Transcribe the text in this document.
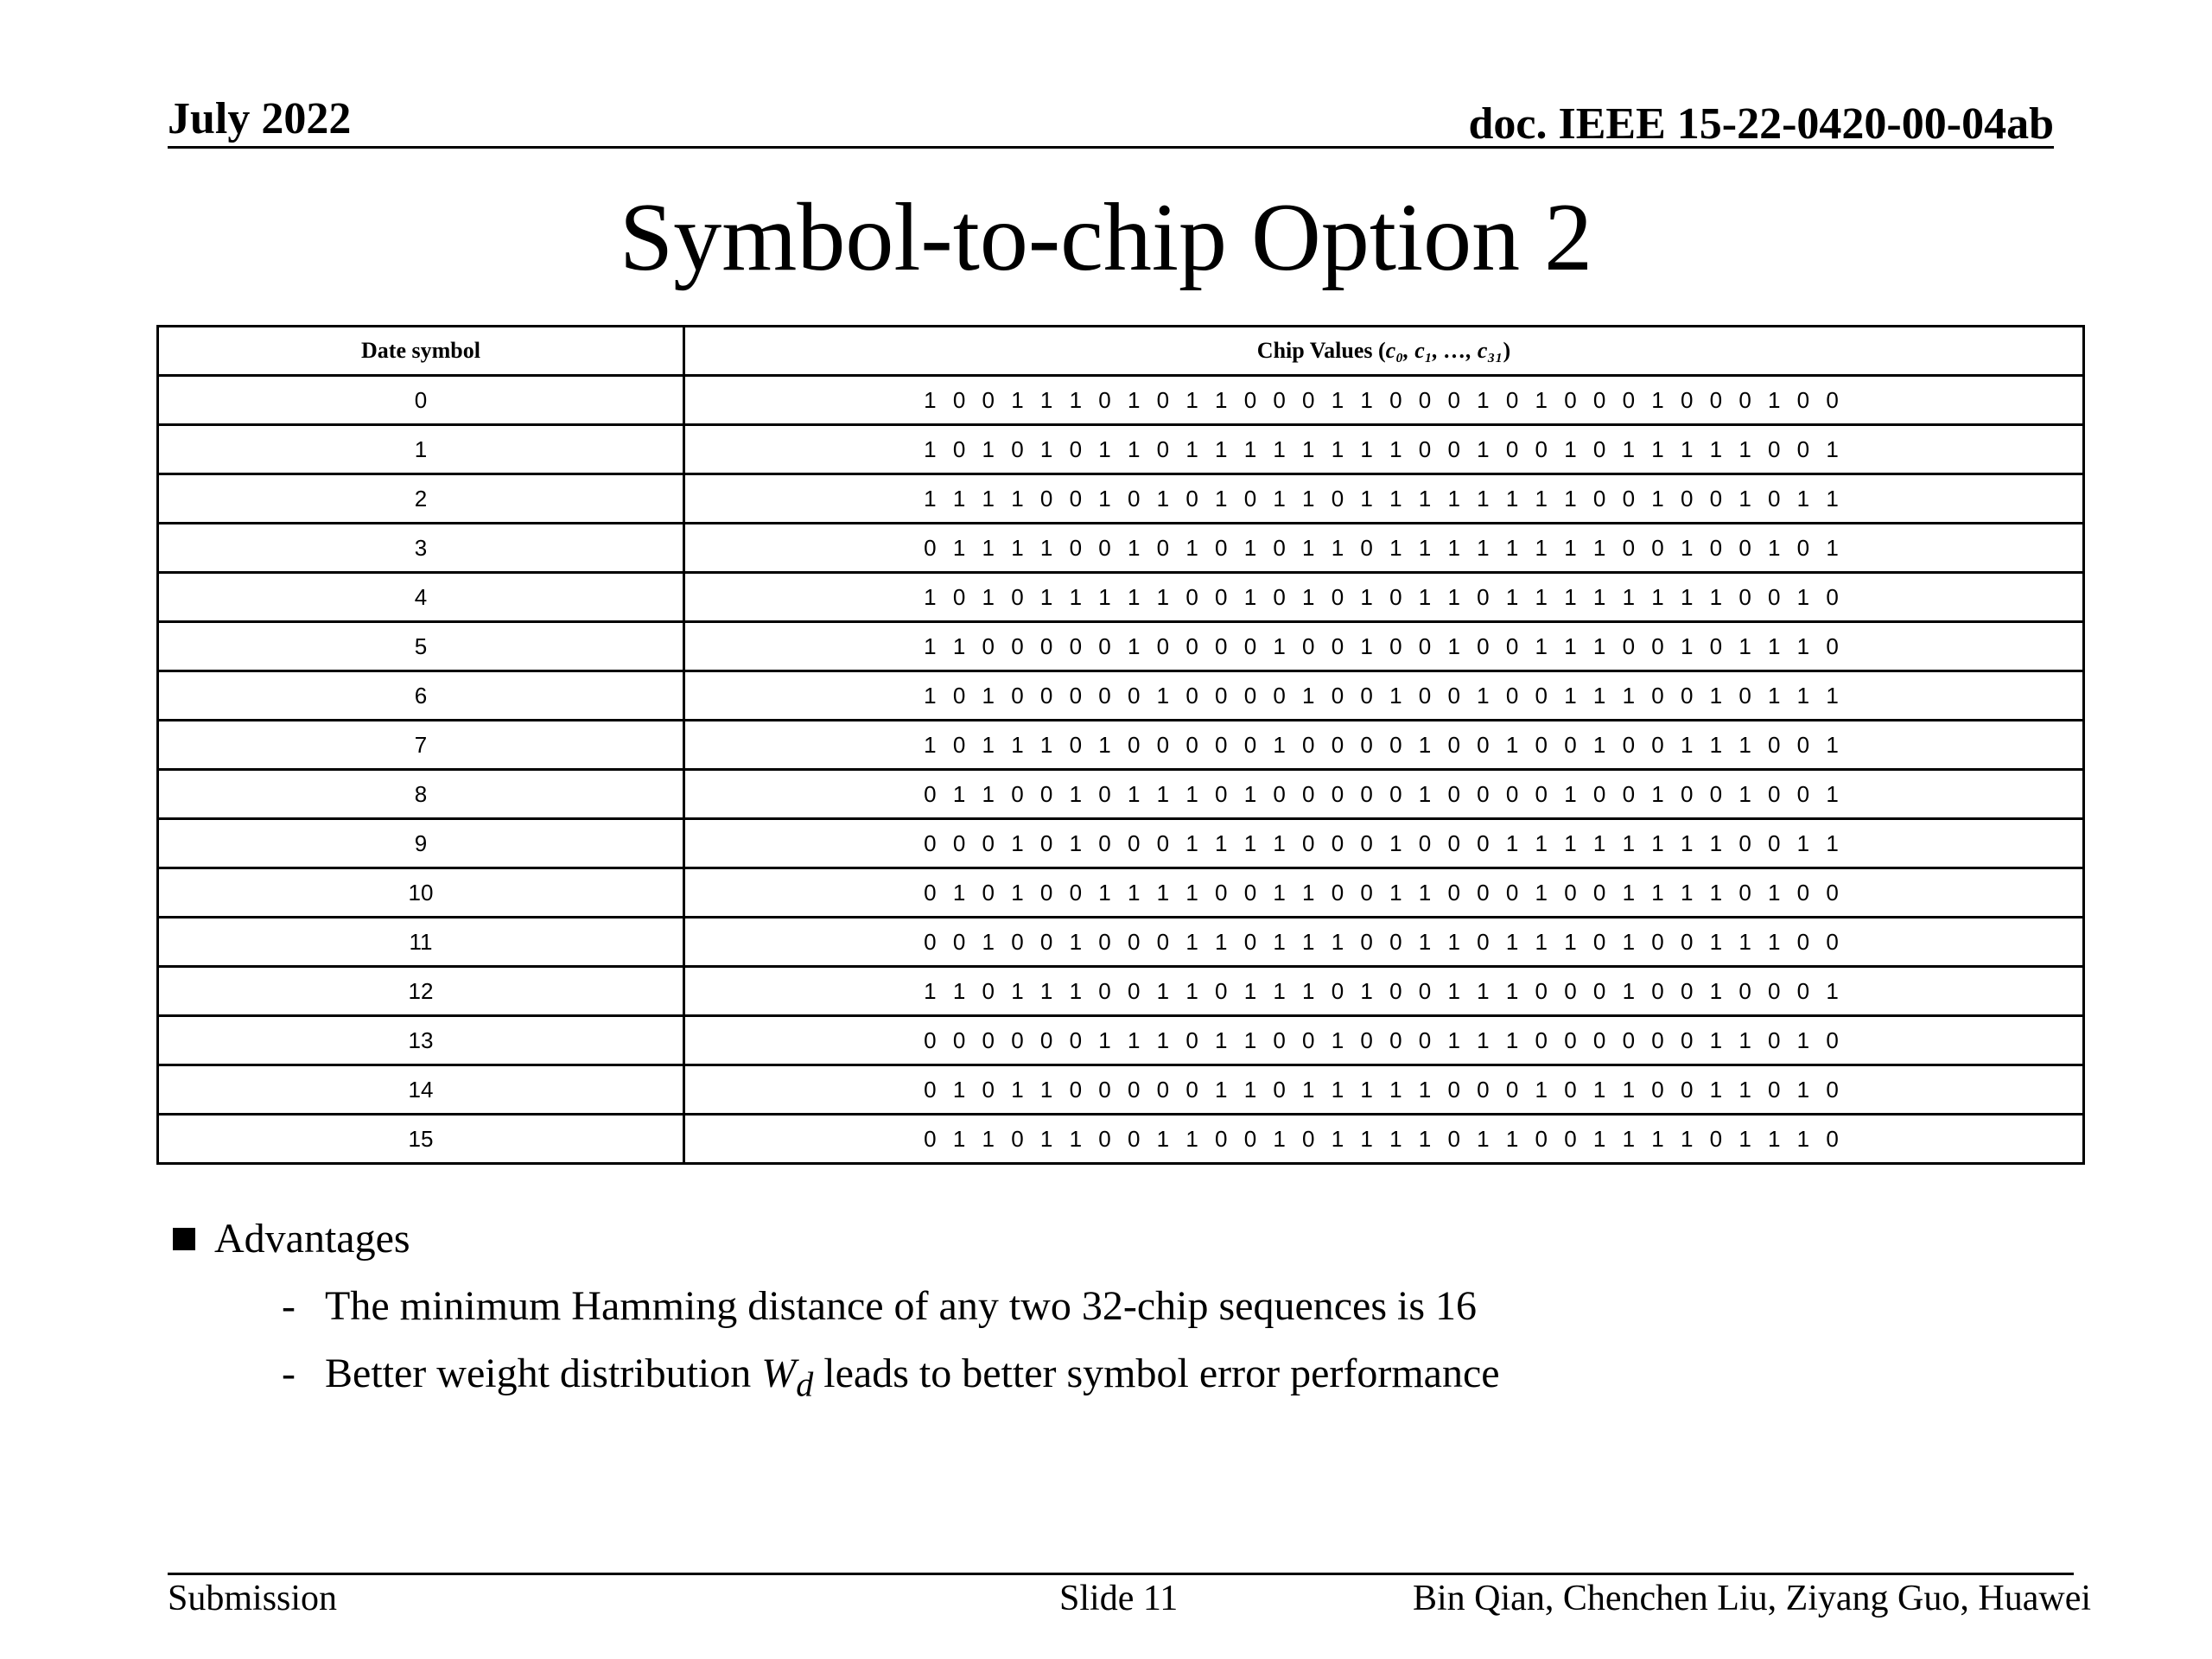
July 2022	doc. IEEE 15-22-0420-00-04ab
Symbol-to-chip Option 2
Date symbol	Chip Values (c₀, c₁, …, c₃₁)
0	1 0 0 1 1 1 0 1 0 1 1 0 0 0 1 1 0 0 0 1 0 1 0 0 0 1 0 0 0 1 0 0
1	1 0 1 0 1 0 1 1 0 1 1 1 1 1 1 1 1 0 0 1 0 0 1 0 1 1 1 1 1 0 0 1
2	1 1 1 1 0 0 1 0 1 0 1 0 1 1 0 1 1 1 1 1 1 1 1 0 0 1 0 0 1 0 1 1
3	0 1 1 1 1 0 0 1 0 1 0 1 0 1 1 0 1 1 1 1 1 1 1 1 0 0 1 0 0 1 0 1
4	1 0 1 0 1 1 1 1 1 0 0 1 0 1 0 1 0 1 1 0 1 1 1 1 1 1 1 1 0 0 1 0
5	1 1 0 0 0 0 0 1 0 0 0 0 1 0 0 1 0 0 1 0 0 1 1 1 0 0 1 0 1 1 1 0
6	1 0 1 0 0 0 0 0 1 0 0 0 0 1 0 0 1 0 0 1 0 0 1 1 1 0 0 1 0 1 1 1
7	1 0 1 1 1 0 1 0 0 0 0 0 1 0 0 0 0 1 0 0 1 0 0 1 0 0 1 1 1 0 0 1
8	0 1 1 0 0 1 0 1 1 1 0 1 0 0 0 0 0 1 0 0 0 0 1 0 0 1 0 0 1 0 0 1
9	0 0 0 1 0 1 0 0 0 1 1 1 1 0 0 0 1 0 0 0 1 1 1 1 1 1 1 1 0 0 1 1
10	0 1 0 1 0 0 1 1 1 1 0 0 1 1 0 0 1 1 0 0 0 1 0 0 1 1 1 1 0 1 0 0
11	0 0 1 0 0 1 0 0 0 1 1 0 1 1 1 0 0 1 1 0 1 1 1 0 1 0 0 1 1 1 0 0
12	1 1 0 1 1 1 0 0 1 1 0 1 1 1 0 1 0 0 1 1 1 0 0 0 1 0 0 1 0 0 0 1
13	0 0 0 0 0 0 1 1 1 0 1 1 0 0 1 0 0 0 1 1 1 0 0 0 0 0 0 1 1 0 1 0
14	0 1 0 1 1 0 0 0 0 0 1 1 0 1 1 1 1 1 0 0 0 1 0 1 1 0 0 1 1 0 1 0
15	0 1 1 0 1 1 0 0 1 1 0 0 1 0 1 1 1 1 0 1 1 0 0 1 1 1 1 0 1 1 1 0
Advantages
- The minimum Hamming distance of any two 32-chip sequences is 16
- Better weight distribution $W_d$ leads to better symbol error performance
Submission	Slide 11	Bin Qian, Chenchen Liu, Ziyang Guo, Huawei
